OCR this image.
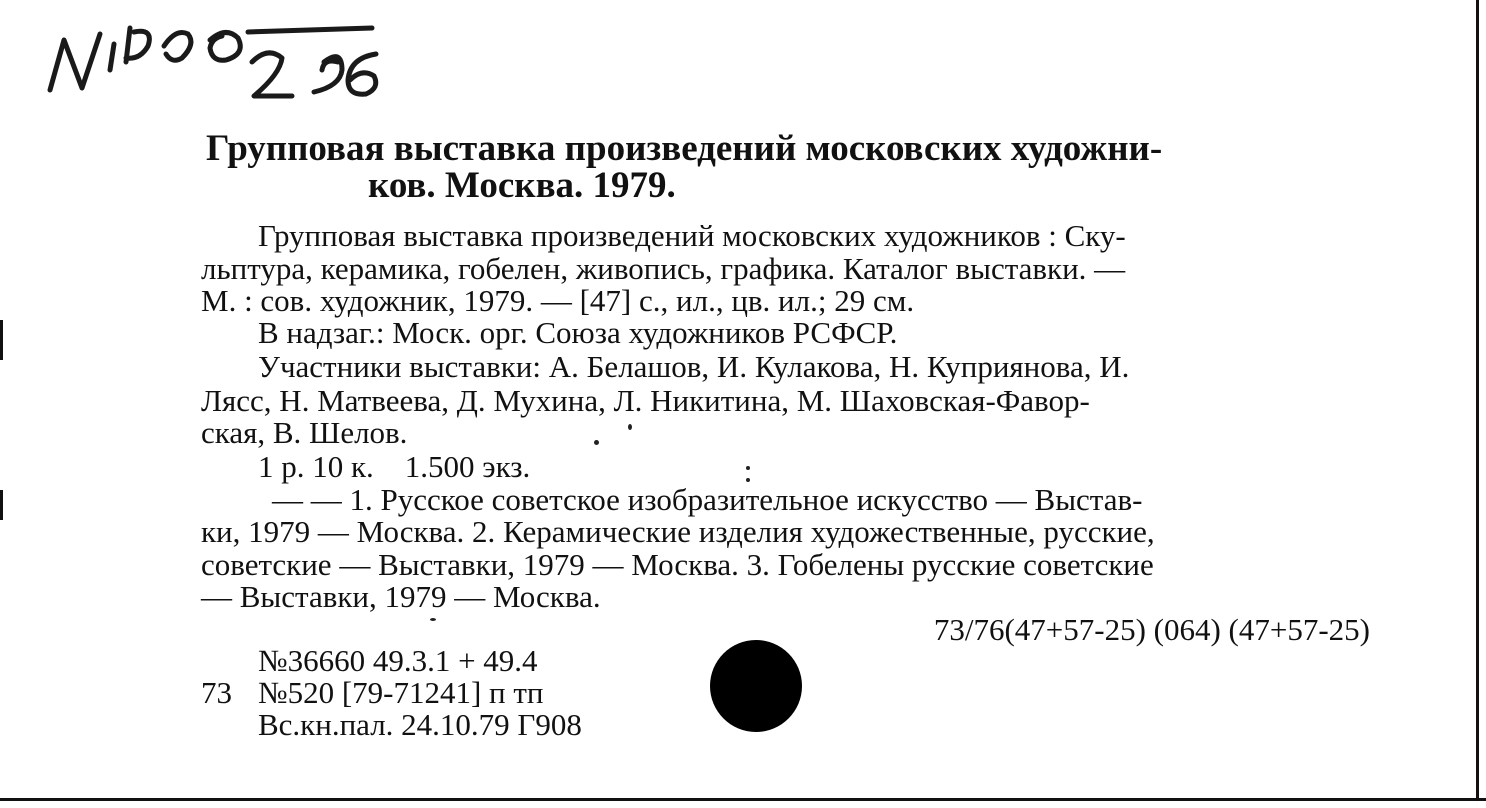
Групповая выставка произведений московских художни-
ков. Москва. 1979.
Групповая выставка произведений московских художников : Ску-
льптура, керамика, гобелен, живопись, графика. Каталог выставки. —
М. : сов. художник, 1979. — [47] с., ил., цв. ил.; 29 см.
В надзаг.: Моск. орг. Союза художников РСФСР.
Участники выставки: А. Белашов, И. Кулакова, Н. Куприянова, И.
Лясс, Н. Матвеева, Д. Мухина, Л. Никитина, М. Шаховская-Фавор-
ская, В. Шелов.
1 р. 10 к.    1.500 экз.
— — 1. Русское советское изобразительное искусство — Выстав-
ки, 1979 — Москва. 2. Керамические изделия художественные, русские,
советские — Выставки, 1979 — Москва. 3. Гобелены русские советские
— Выставки, 1979 — Москва.
73/76(47+57-25) (064) (47+57-25)
№36660 49.3.1 + 49.4
73 №520 [79-71241] п тп
Вс.кн.пал. 24.10.79 Г908
